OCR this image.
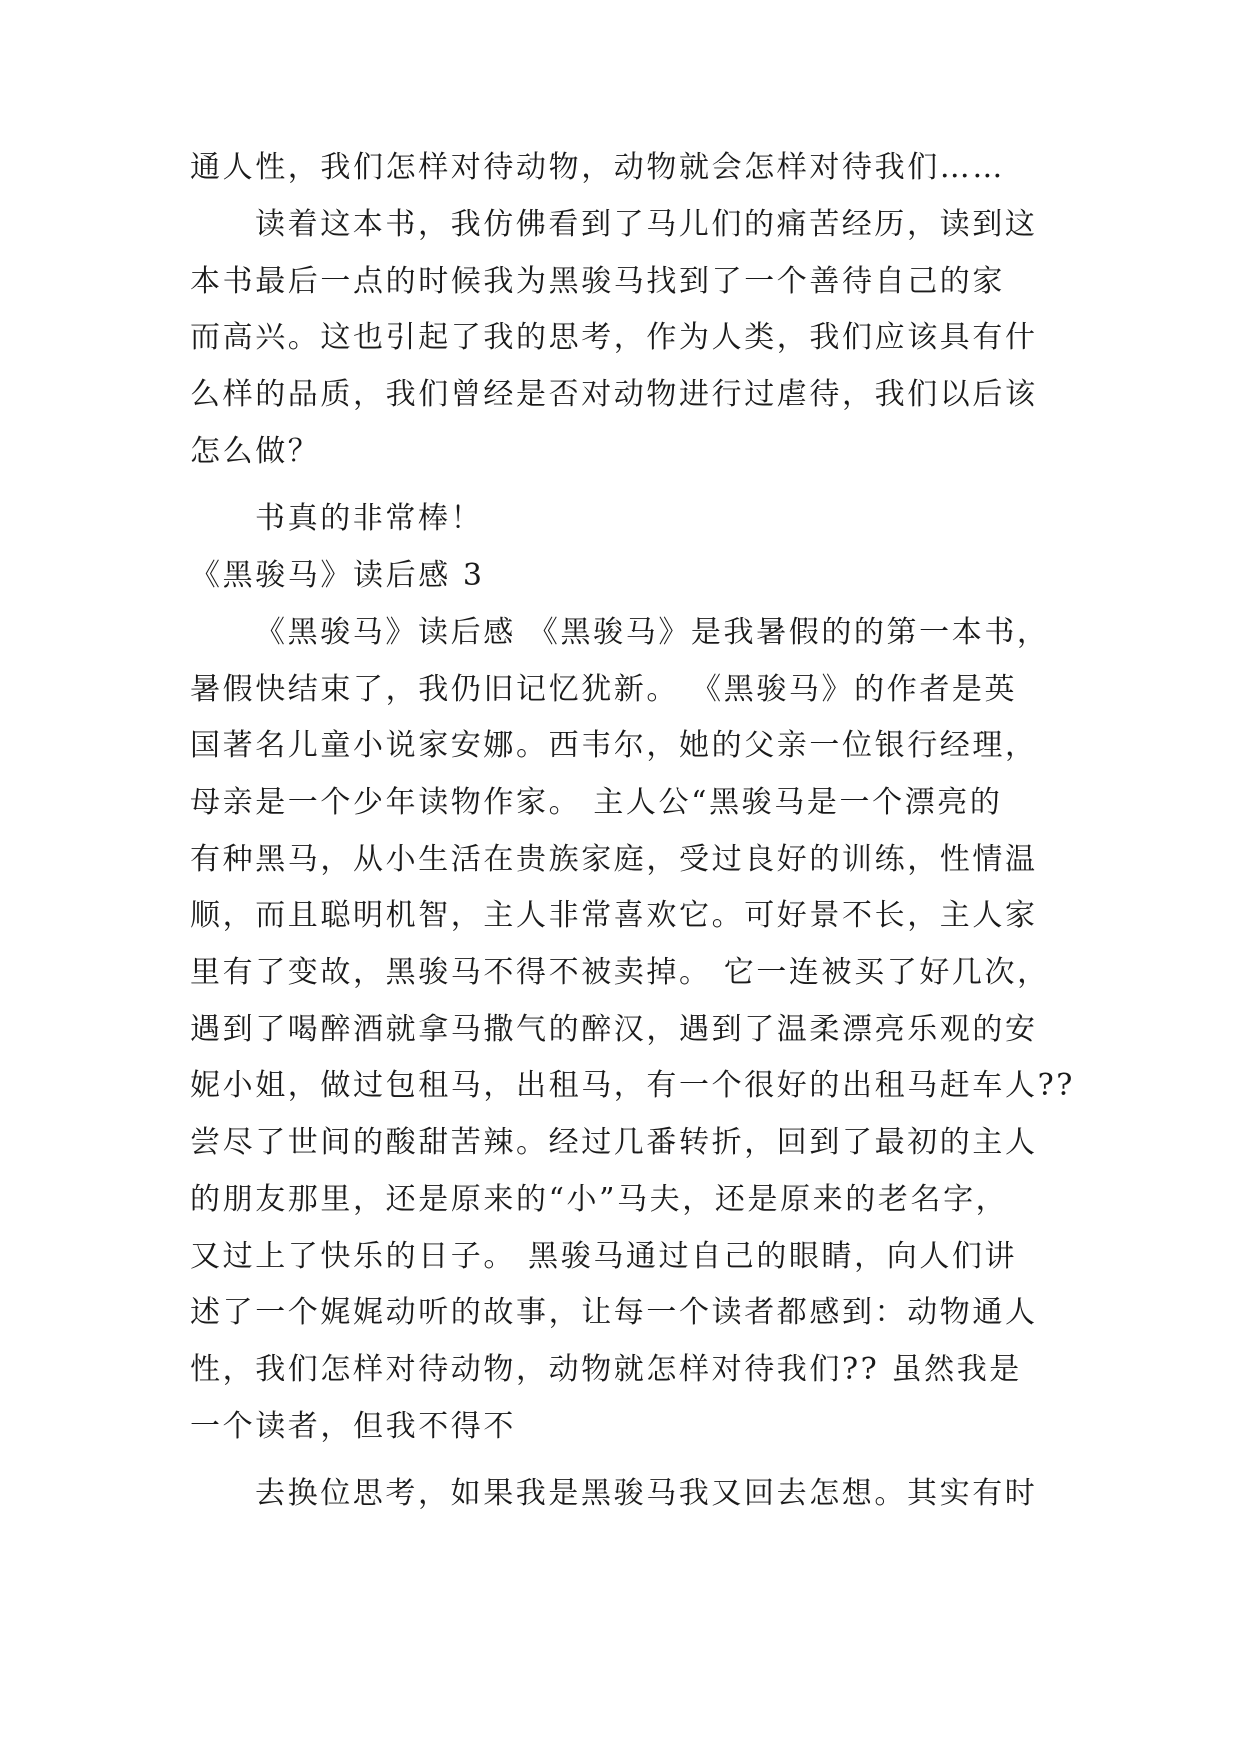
通人性，我们怎样对待动物，动物就会怎样对待我们……
读着这本书，我仿佛看到了马儿们的痛苦经历，读到这
本书最后一点的时候我为黑骏马找到了一个善待自己的家
而高兴。这也引起了我的思考，作为人类，我们应该具有什
么样的品质，我们曾经是否对动物进行过虐待，我们以后该
怎么做？
书真的非常棒！
《黑骏马》读后感 3
《黑骏马》读后感 《黑骏马》是我暑假的的第一本书，
暑假快结束了，我仍旧记忆犹新。 《黑骏马》的作者是英
国著名儿童小说家安娜。西韦尔，她的父亲一位银行经理，
母亲是一个少年读物作家。 主人公“黑骏马是一个漂亮的
有种黑马，从小生活在贵族家庭，受过良好的训练，性情温
顺，而且聪明机智，主人非常喜欢它。可好景不长，主人家
里有了变故，黑骏马不得不被卖掉。 它一连被买了好几次，
遇到了喝醉酒就拿马撒气的醉汉，遇到了温柔漂亮乐观的安
妮小姐，做过包租马，出租马，有一个很好的出租马赶车人??
尝尽了世间的酸甜苦辣。经过几番转折，回到了最初的主人
的朋友那里，还是原来的“小”马夫，还是原来的老名字，
又过上了快乐的日子。 黑骏马通过自己的眼睛，向人们讲
述了一个娓娓动听的故事，让每一个读者都感到：动物通人
性，我们怎样对待动物，动物就怎样对待我们?? 虽然我是
一个读者，但我不得不
去换位思考，如果我是黑骏马我又回去怎想。其实有时
